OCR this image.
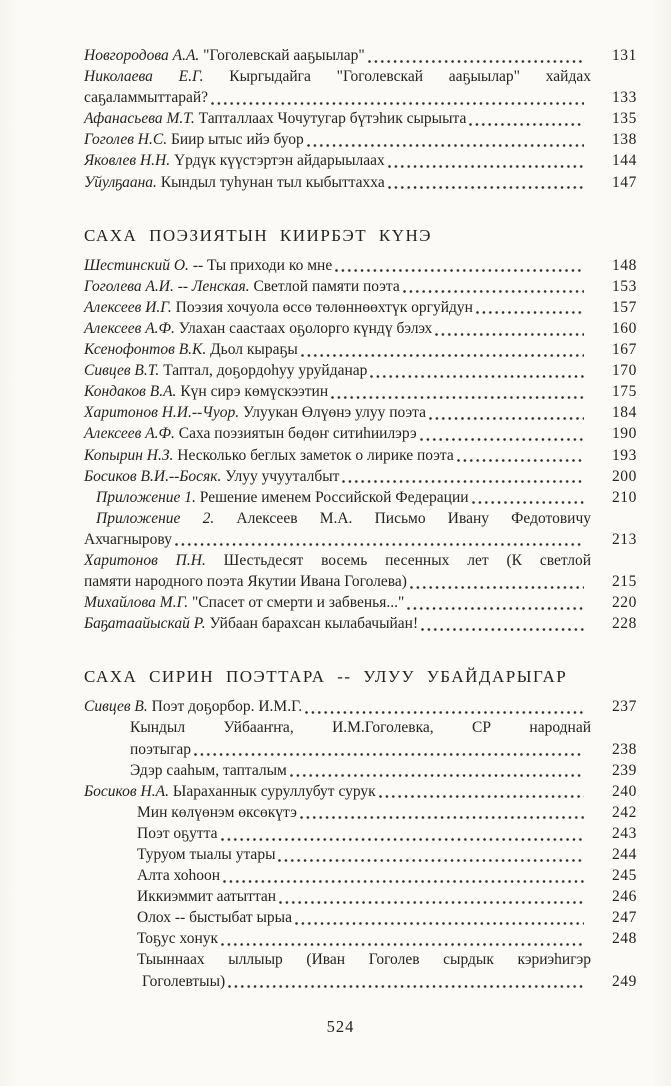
Новгородова А.А. "Гоголевскай ааҕыылар"	131
Николаева Е.Г. Кыргыдайга "Гоголевскай ааҕыылар" хайдах
саҕаламмыттарай?	133
Афанасьева М.Т. Тапталлаах Чочутугар бүтэһик сырыыта	135
Гоголев Н.С. Биир ытыс ийэ буор	138
Яковлев Н.Н. Үрдүк күүстэртэн айдарыылаах	144
Уйулҕаана. Кындыл туһунан тыл кыбыттахха	147
САХА ПОЭЗИЯТЫН КИИРБЭТ КҮНЭ
Шестинский О. -- Ты приходи ко мне	148
Гоголева А.И. -- Ленская. Светлой памяти поэта	153
Алексеев И.Г. Поэзия хочуола өссө төлөннөөхтүк оргуйдун	157
Алексеев А.Ф. Улахан саастаах оҕолорго күндү бэлэх	160
Ксенофонтов В.К. Дьол кыраҕы	167
Сивцев В.Т. Таптал, доҕордоһуу уруйданар	170
Кондаков В.А. Күн сирэ көмүскээтин	175
Харитонов Н.И.--Чуор. Улуукан Өлүөнэ улуу поэта	184
Алексеев А.Ф. Саха поэзиятын бөдөҥ ситиһиилэрэ	190
Копырин Н.З. Несколько беглых заметок о лирике поэта	193
Босиков В.И.--Босяк. Улуу учууталбыт	200
Приложение 1. Решение именем Российской Федерации	210
Приложение 2. Алексеев М.А. Письмо Ивану Федотовичу
Ахчагнырову	213
Харитонов П.Н. Шестьдесят восемь песенных лет (К светлой
памяти народного поэта Якутии Ивана Гоголева)	215
Михайлова М.Г. "Спасет от смерти и забвенья..."	220
Баҕатаайыскай Р. Уйбаан барахсан кылабачыйан!	228
САХА СИРИН ПОЭТТАРА -- УЛУУ УБАЙДАРЫГАР
Сивцев В. Поэт доҕорбор. И.М.Г.	237
Кындыл Уйбааҥҥа, И.М.Гоголевка, СР народнай
поэтыгар	238
Эдэр сааһым, тапталым	239
Босиков Н.А. Ыараханнык суруллубут сурук	240
Мин көлүөнэм өксөкүтэ	242
Поэт оҕутта	243
Туруом тыалы утары	244
Алта хоһоон	245
Иккиэммит аатыттан	246
Олох -- быстыбат ырыа	247
Тоҕус хонук	248
Тыыннаах ыллыыр (Иван Гоголев сырдык кэриэһигэр
Гоголевтыы)	249
524
